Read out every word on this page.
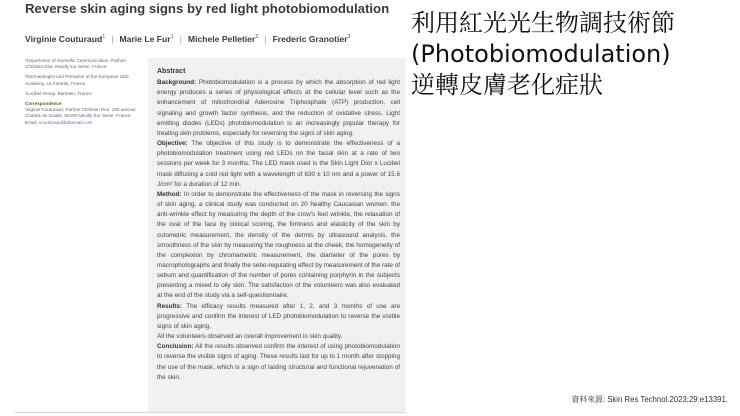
Reverse skin aging signs by red light photobiomodulation
Virginie Couturaud$^1$ | Marie Le Fur$^1$ | Michele Pelletier$^2$ | Frederic Granotier$^3$
¹Department of Scientific Communication, Parfum Christian Dior, Neuilly sur Seine, France
²Dermatologist and President of the European LED Academy, La Fartede, France
³Lucibel Group, Barentin, France
Correspondence
Virginie Couturaud, Parfum Christian Dior, 190 avenue Charles de Gaulle, 92200 Neuilly Sur Seine, France.
Email: vcouturaud@diormail.com
Abstract

Background: Photobiomodulation is a process by which the absorption of red light energy produces a series of physiological effects at the cellular level such as the enhancement of mitochondrial Adenosine Triphosphate (ATP) production, cell signaling and growth factor synthesis, and the reduction of oxidative stress. Light emitting diodes (LEDs) photobiomodulation is an increasingly popular therapy for treating skin problems, especially for reversing the signs of skin aging.

Objective: The objective of this study is to demonstrate the effectiveness of a photobiomodulation treatment using red LEDs on the facial skin at a rate of two sessions per week for 3 months. The LED mask used is the Skin Light Dior x Lucibel mask diffusing a cold red light with a wavelength of 630 ± 10 nm and a power of 15.6 J/cm² for a duration of 12 min.

Method: In order to demonstrate the effectiveness of the mask in reversing the signs of skin aging, a clinical study was conducted on 20 healthy Caucasian women: the anti-wrinkle effect by measuring the depth of the crow's feet wrinkle, the relaxation of the oval of the face by clinical scoring, the firmness and elasticity of the skin by cutometric measurement, the density of the dermis by ultrasound analysis, the smoothness of the skin by measuring the roughness at the cheek, the homogeneity of the complexion by chromametric measurement, the diameter of the pores by macrophotographs and finally the sebo-regulating effect by measurement of the rate of sebum and quantification of the number of pores containing porphyrin in the subjects presenting a mixed to oily skin. The satisfaction of the volunteers was also evaluated at the end of the study via a self-questionnaire.

Results: The efficacy results measured after 1, 2, and 3 months of use are progressive and confirm the interest of LED photobiomodulation to reverse the visible signs of skin aging.

All the volunteers observed an overall improvement in skin quality.

Conclusion: All the results observed confirm the interest of using photobiomodulation to reverse the visible signs of aging. These results last for up to 1 month after stopping the use of the mask, which is a sign of lasting structural and functional rejuvenation of the skin.

利用紅光光生物調技術節
(Photobiomodulation)
逆轉皮膚老化症狀
資料來源: Skin Res Technol.2023;29:e13391.
